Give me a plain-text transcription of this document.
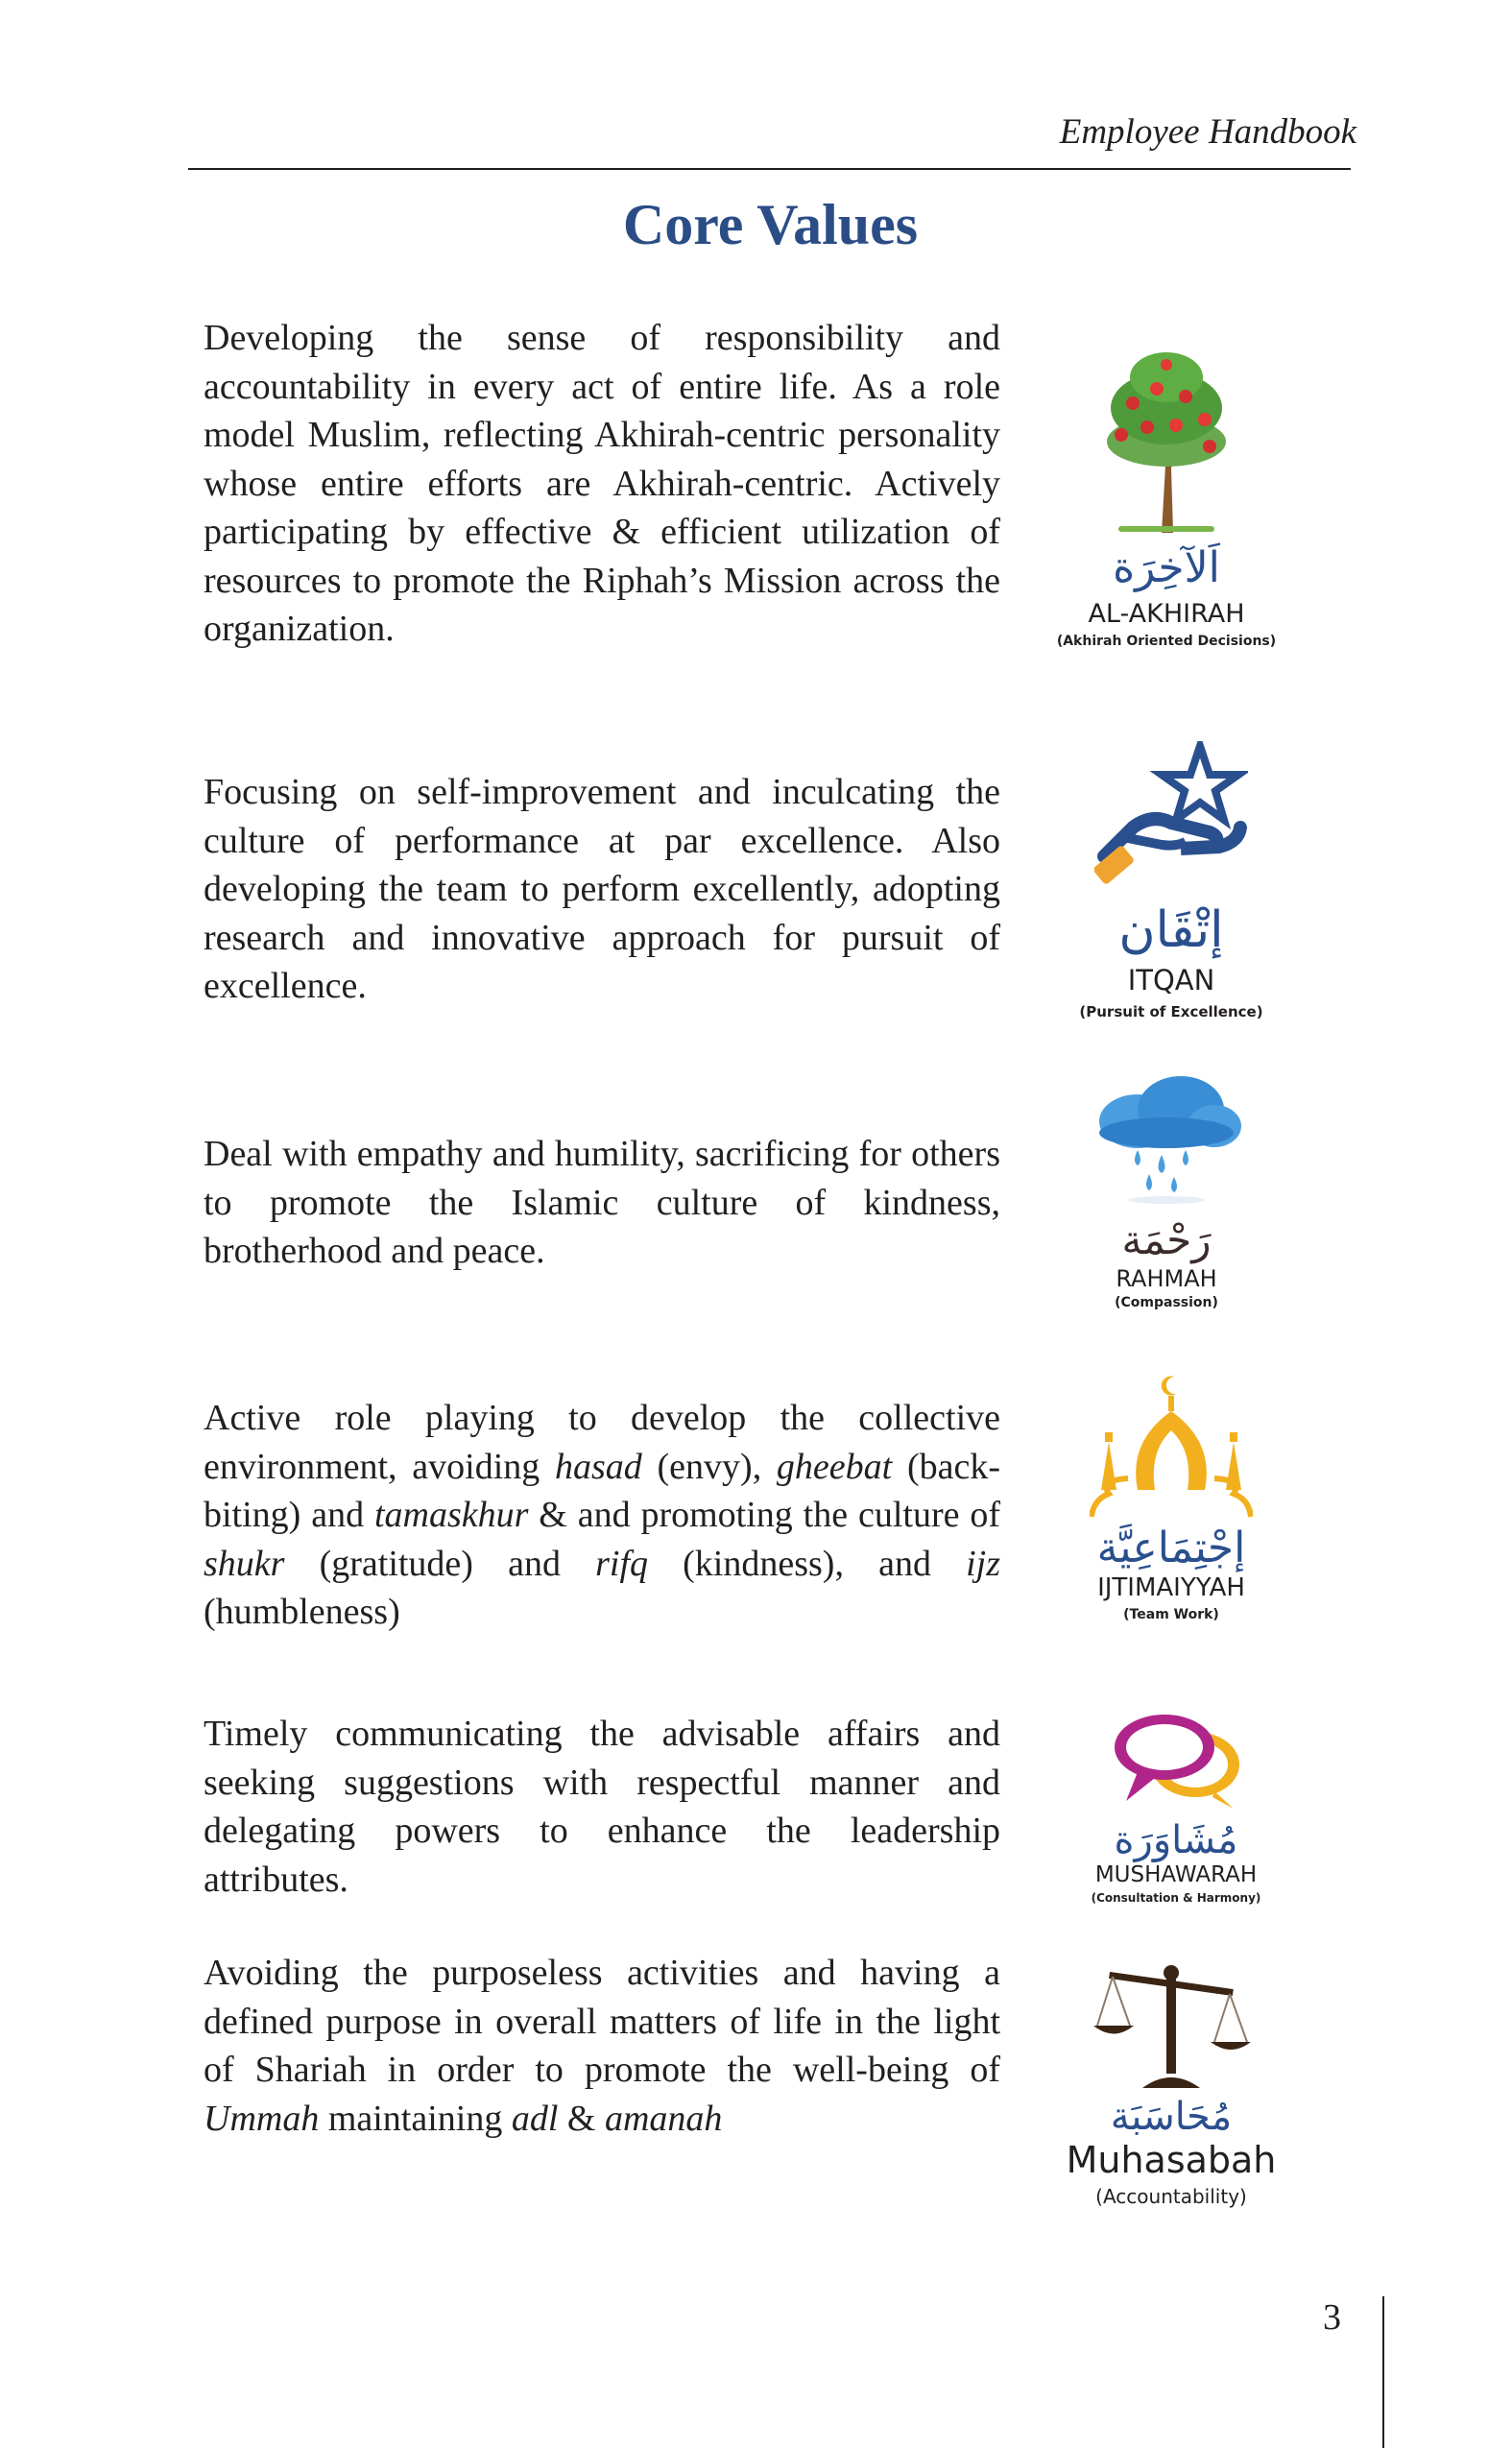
Employee Handbook
Core Values
Developing the sense of responsibility and accountability in every act of entire life. As a role model Muslim, reflecting Akhirah-centric personality whose entire efforts are Akhirah-centric. Actively participating by effective & efficient utilization of resources to promote the Riphah’s Mission across the organization.
اَلآخِرَة
AL-AKHIRAH
(Akhirah Oriented Decisions)
Focusing on self-improvement and inculcating the culture of performance at par excellence. Also developing the team to perform excellently, adopting research and innovative approach for pursuit of excellence.
إتْقَان
ITQAN
(Pursuit of Excellence)
Deal with empathy and humility, sacrificing for others to promote the Islamic culture of kindness, brotherhood and peace.	رَحْمَة
RAHMAH
(Compassion)
Active role playing to develop the collective environment, avoiding hasad (envy), gheebat (back-biting) and tamaskhur & and promoting the culture of shukr (gratitude) and rifq (kindness), and ijz (humbleness)
إجْتِمَاعِيَّة
IJTIMAIYYAH
(Team Work)
Timely communicating the advisable affairs and seeking suggestions with respectful manner and delegating powers to enhance the leadership attributes.
مُشَاوَرَة
MUSHAWARAH
(Consultation & Harmony)
Avoiding the purposeless activities and having a defined purpose in overall matters of life in the light of Shariah in order to promote the well-being of Ummah maintaining adl & amanah	مُحَاسَبَة
Muhasabah
(Accountability)
3
